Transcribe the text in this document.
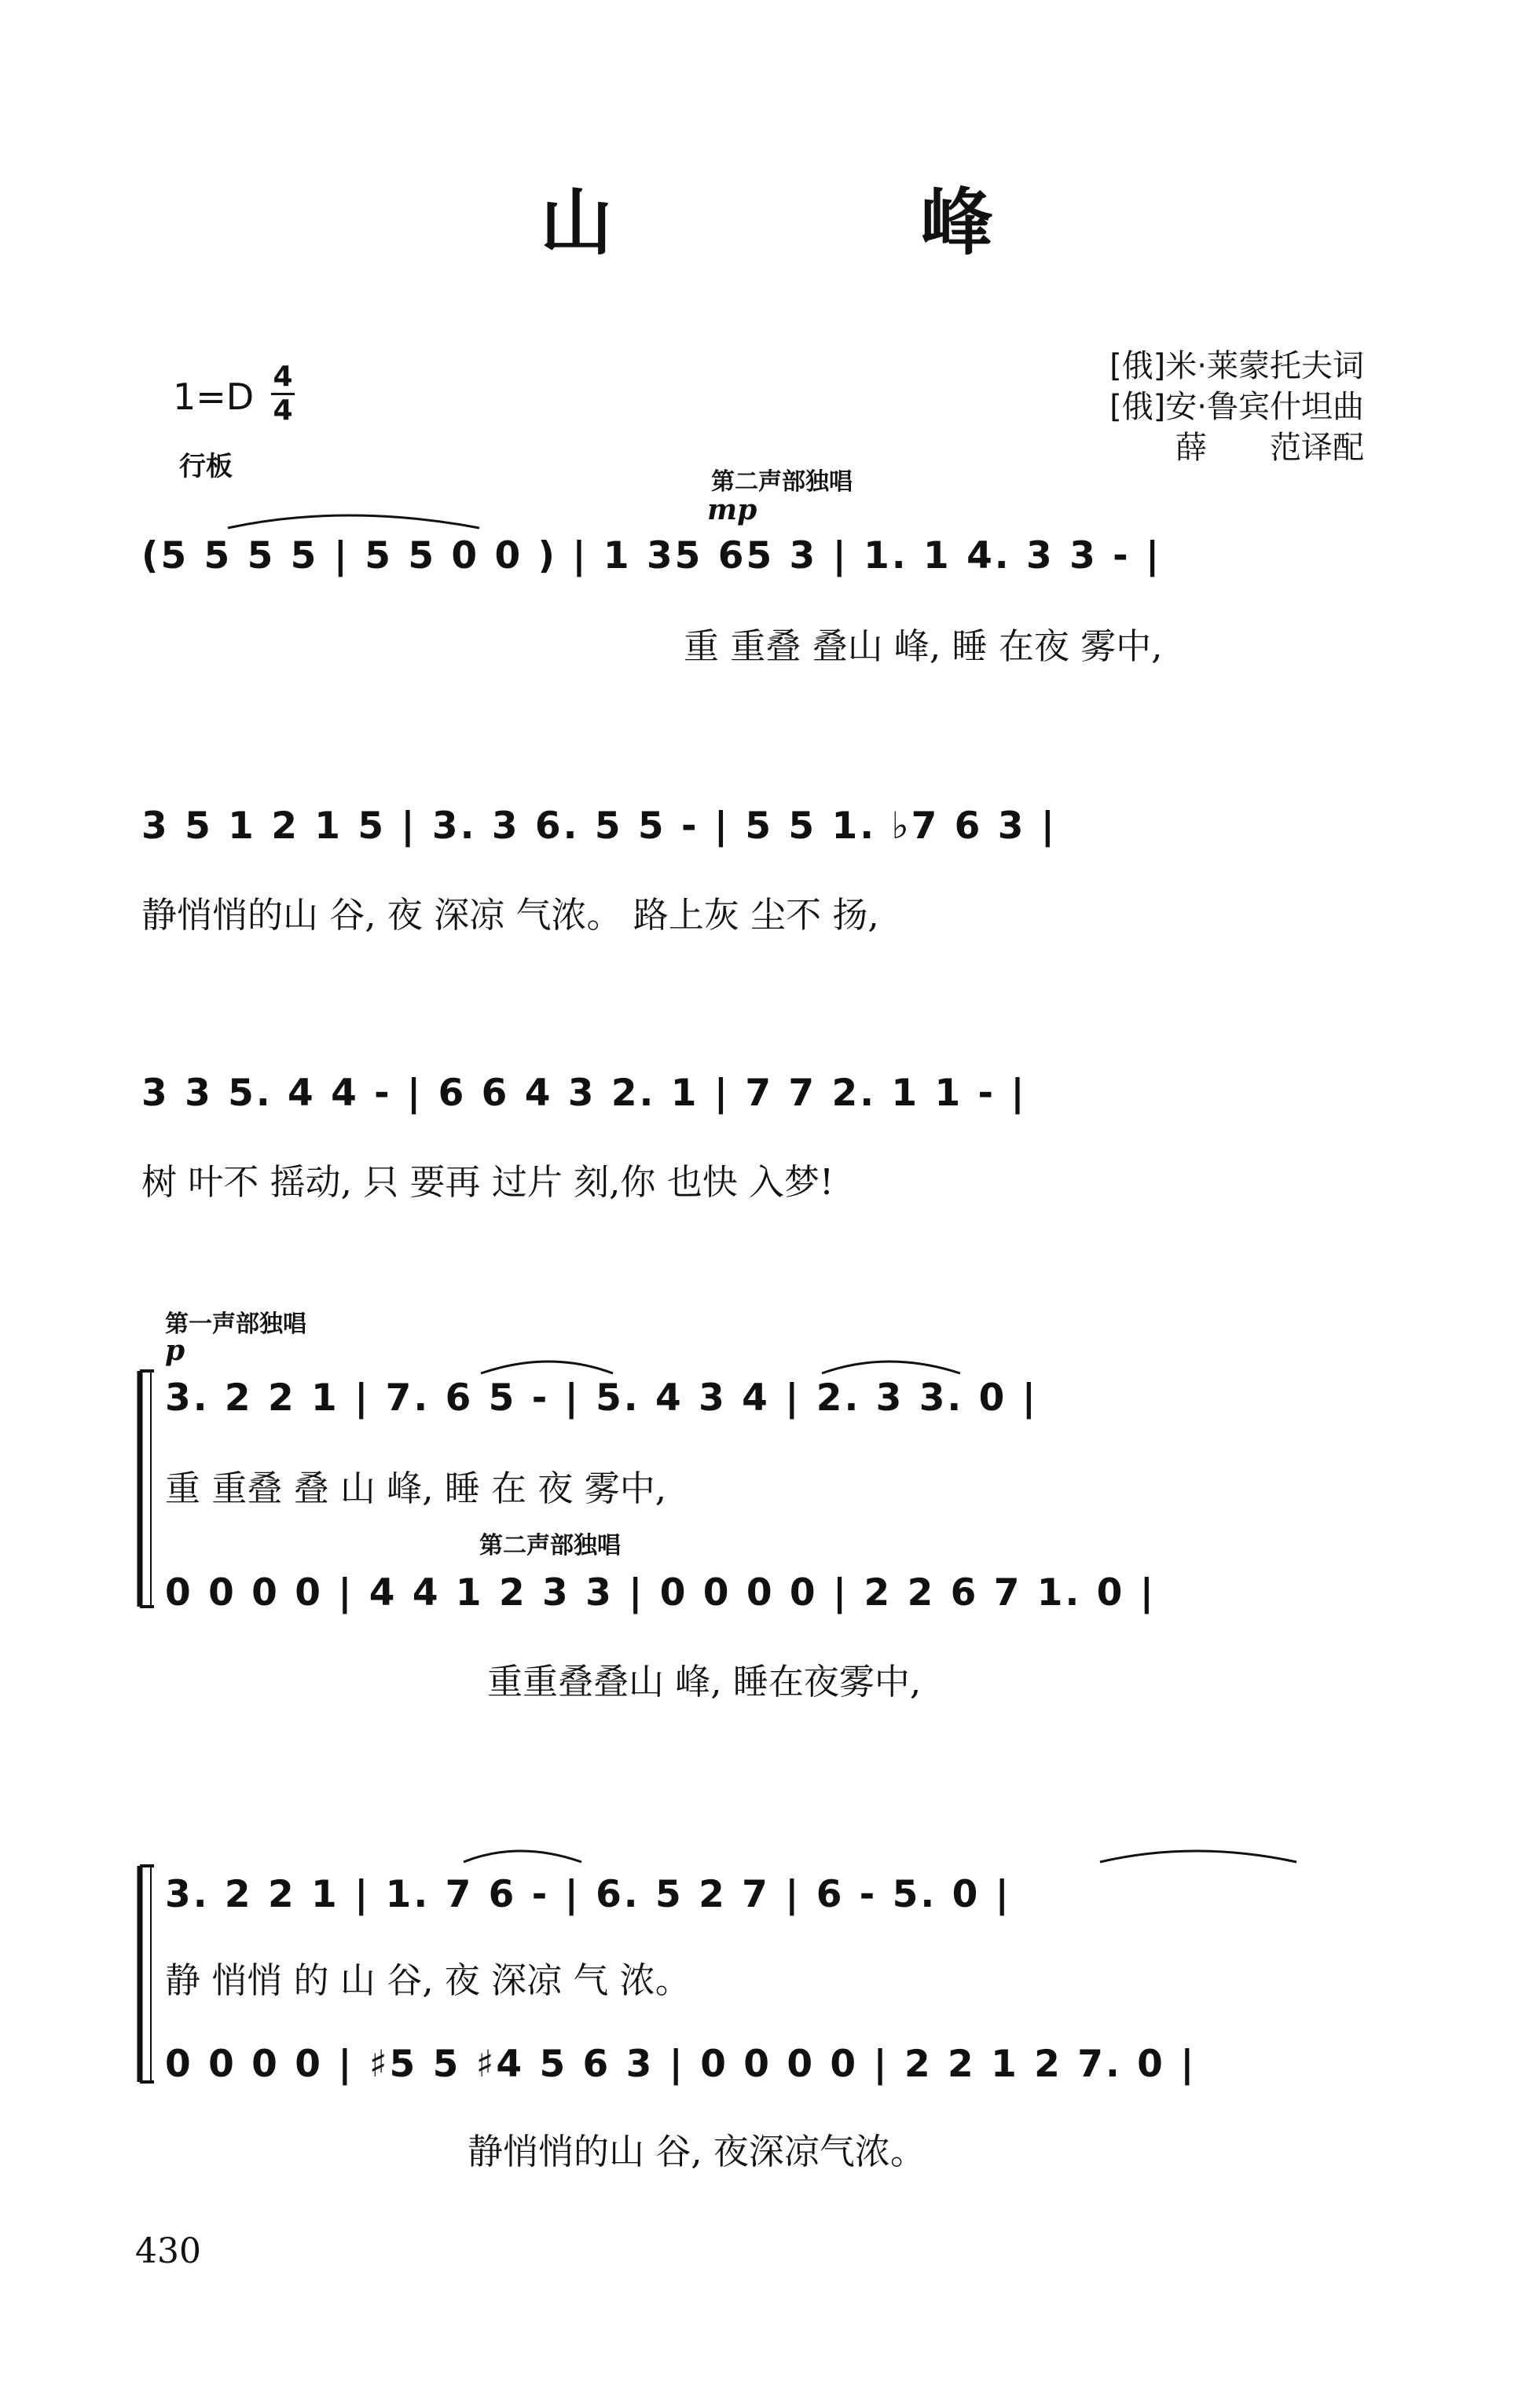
山　峰
[俄]米·莱蒙托夫词
[俄]安·鲁宾什坦曲
薛　　范译配
1=D 4
4
行板	第二声部独唱
mp
(5 5 5 5 | 5 5 0 0 ) | 1 35 65 3 | 1. 1 4. 3 3 - |
重 重叠 叠山 峰, 睡 在夜 雾中,
3 5 1 2 1 5 | 3. 3 6. 5 5 - | 5 5 1. ♭7 6 3 |
静悄悄的山 谷, 夜 深凉 气浓。 路上灰 尘不 扬,
3 3 5. 4 4 - | 6 6 4 3 2. 1 | 7 7 2. 1 1 - |
树 叶不 摇动, 只 要再 过片 刻,你 也快 入梦!
第一声部独唱
p
3. 2 2 1 | 7. 6 5 - | 5. 4 3 4 | 2. 3 3. 0 |
重 重叠 叠 山 峰, 睡 在 夜 雾中,
第二声部独唱
0 0 0 0 | 4 4 1 2 3 3 | 0 0 0 0 | 2 2 6 7 1. 0 |
重重叠叠山 峰, 睡在夜雾中,
3. 2 2 1 | 1. 7 6 - | 6. 5 2 7 | 6 - 5. 0 |
静 悄悄 的 山 谷, 夜 深凉 气 浓。
0 0 0 0 | ♯5 5 ♯4 5 6 3 | 0 0 0 0 | 2 2 1 2 7. 0 |
静悄悄的山 谷, 夜深凉气浓。
430
